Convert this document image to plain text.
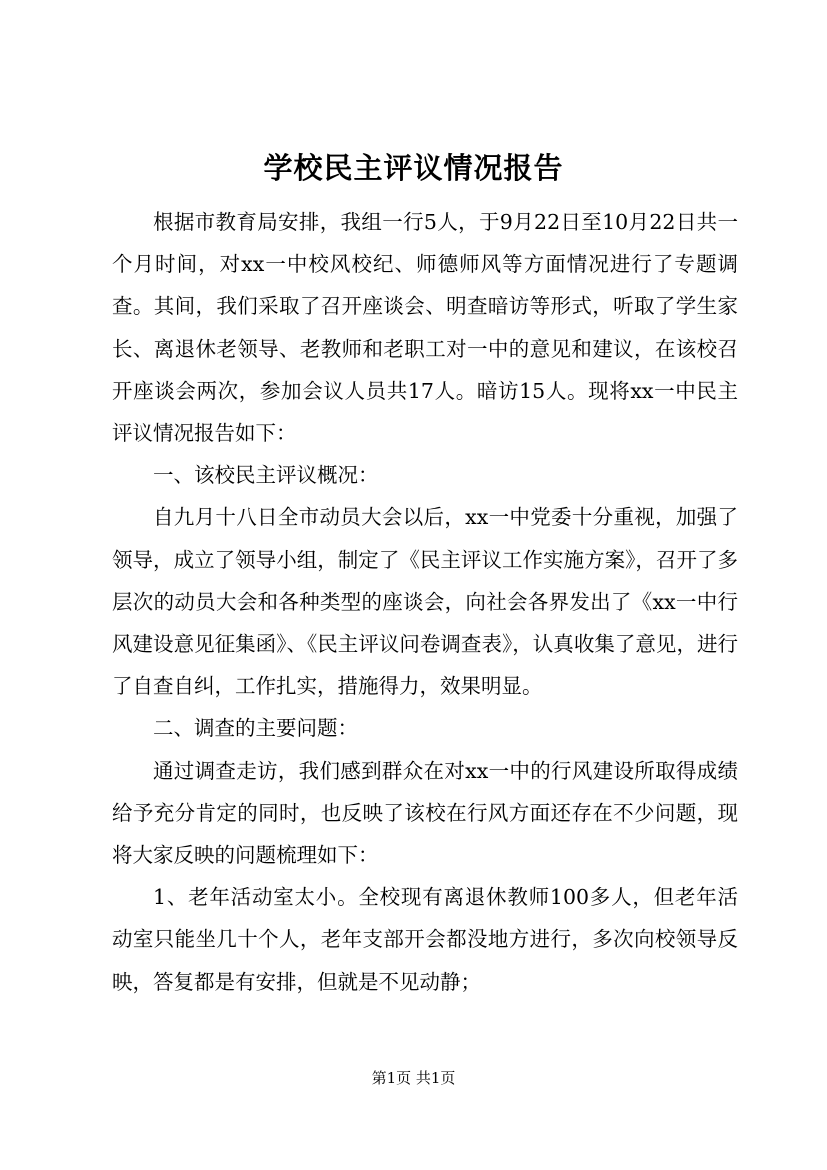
学校民主评议情况报告

根据市教育局安排，我组一行5人，于9月22日至10月22日共一个月时间，对xx一中校风校纪、师德师风等方面情况进行了专题调查。其间，我们采取了召开座谈会、明查暗访等形式，听取了学生家长、离退休老领导、老教师和老职工对一中的意见和建议，在该校召开座谈会两次，参加会议人员共17人。暗访15人。现将xx一中民主评议情况报告如下：

一、该校民主评议概况：

自九月十八日全市动员大会以后，xx一中党委十分重视，加强了领导，成立了领导小组，制定了《民主评议工作实施方案》，召开了多层次的动员大会和各种类型的座谈会，向社会各界发出了《xx一中行风建设意见征集函》、《民主评议问卷调查表》，认真收集了意见，进行了自查自纠，工作扎实，措施得力，效果明显。

二、调查的主要问题：

通过调查走访，我们感到群众在对xx一中的行风建设所取得成绩给予充分肯定的同时，也反映了该校在行风方面还存在不少问题，现将大家反映的问题梳理如下：

1、老年活动室太小。全校现有离退休教师100多人，但老年活动室只能坐几十个人，老年支部开会都没地方进行，多次向校领导反映，答复都是有安排，但就是不见动静；

第1页 共1页
